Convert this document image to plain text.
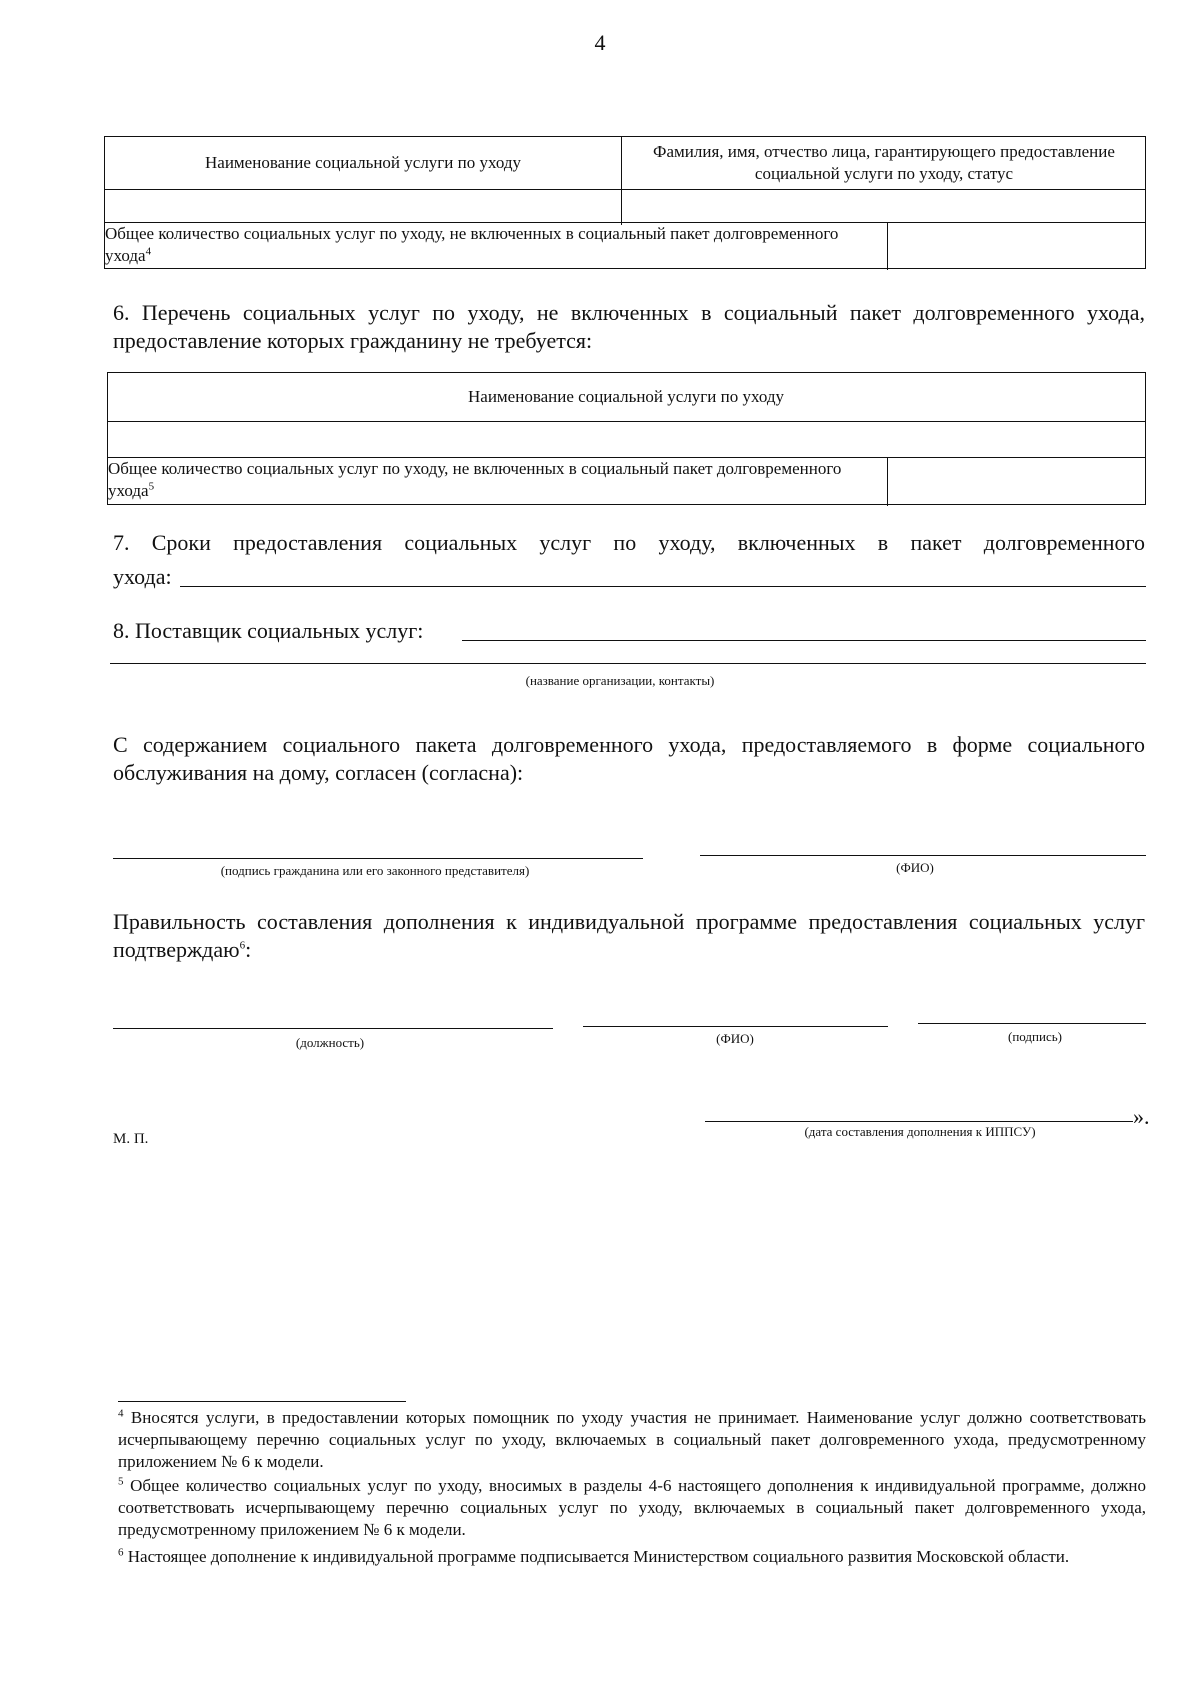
4
Наименование социальной услуги по уходу
Фамилия, имя, отчество лица, гарантирующего предоставление социальной услуги по уходу, статус
Общее количество социальных услуг по уходу, не включенных в социальный пакет долговременного ухода$^4$
6. Перечень социальных услуг по уходу, не включенных в социальный пакет долговременного ухода, предоставление которых гражданину не требуется:
Наименование социальной услуги по уходу
Общее количество социальных услуг по уходу, не включенных в социальный пакет долговременного ухода$^5$
7. Сроки предоставления социальных услуг по уходу, включенных в пакет долговременного
ухода:
8. Поставщик социальных услуг:
(название организации, контакты)
С содержанием социального пакета долговременного ухода, предоставляемого в форме социального обслуживания на дому, согласен (согласна):
(подпись гражданина или его законного представителя)	(ФИО)
Правильность составления дополнения к индивидуальной программе предоставления социальных услуг подтверждаю$^6$:
(должность)	(ФИО)	(подпись)
М. П.
».
(дата составления дополнения к ИППСУ)
$^4$ Вносятся услуги, в предоставлении которых помощник по уходу участия не принимает. Наименование услуг должно соответствовать исчерпывающему перечню социальных услуг по уходу, включаемых в социальный пакет долговременного ухода, предусмотренному приложением № 6 к модели.
$^5$ Общее количество социальных услуг по уходу, вносимых в разделы 4-6 настоящего дополнения к индивидуальной программе, должно соответствовать исчерпывающему перечню социальных услуг по уходу, включаемых в социальный пакет долговременного ухода, предусмотренному приложением № 6 к модели.
$^6$ Настоящее дополнение к индивидуальной программе подписывается Министерством социального развития Московской области.
